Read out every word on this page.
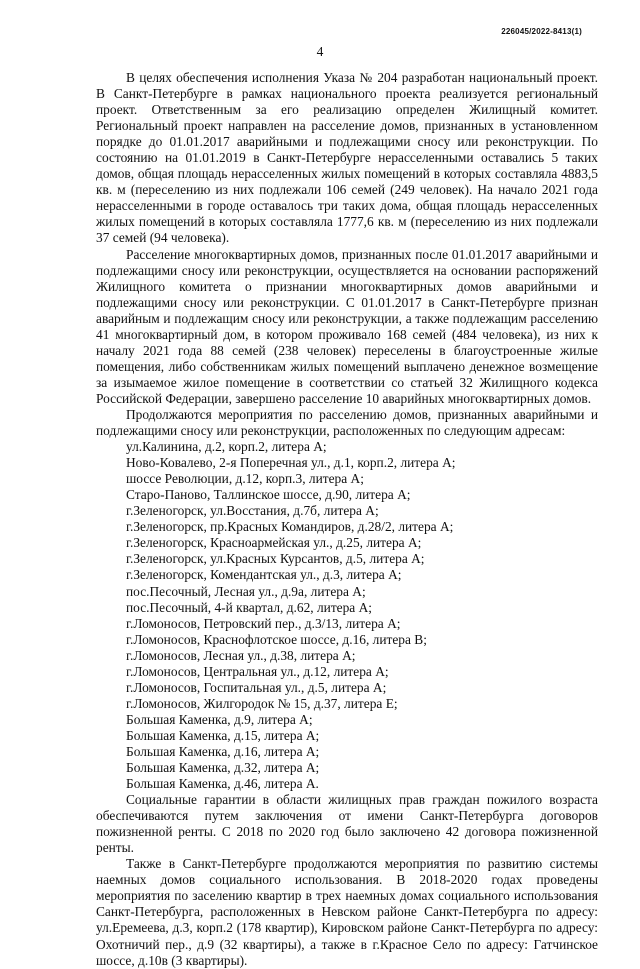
226045/2022-8413(1)
4

В целях обеспечения исполнения Указа № 204 разработан национальный проект. В Санкт-Петербурге в рамках национального проекта реализуется региональный проект. Ответственным за его реализацию определен Жилищный комитет. Региональный проект направлен на расселение домов, признанных в установленном порядке до 01.01.2017 аварийными и подлежащими сносу или реконструкции. По состоянию на 01.01.2019 в Санкт-Петербурге нерасселенными оставались 5 таких домов, общая площадь нерасселенных жилых помещений в которых составляла 4883,5 кв. м (переселению из них подлежали 106 семей (249 человек). На начало 2021 года нерасселенными в городе оставалось три таких дома, общая площадь нерасселенных жилых помещений в которых составляла 1777,6 кв. м (переселению из них подлежали 37 семей (94 человека).

Расселение многоквартирных домов, признанных после 01.01.2017 аварийными и подлежащими сносу или реконструкции, осуществляется на основании распоряжений Жилищного комитета о признании многоквартирных домов аварийными и подлежащими сносу или реконструкции. С 01.01.2017 в Санкт-Петербурге признан аварийным и подлежащим сносу или реконструкции, а также подлежащим расселению 41 многоквартирный дом, в котором проживало 168 семей (484 человека), из них к началу 2021 года 88 семей (238 человек) переселены в благоустроенные жилые помещения, либо собственникам жилых помещений выплачено денежное возмещение за изымаемое жилое помещение в соответствии со статьей 32 Жилищного кодекса Российской Федерации, завершено расселение 10 аварийных многоквартирных домов.

Продолжаются мероприятия по расселению домов, признанных аварийными и подлежащими сносу или реконструкции, расположенных по следующим адресам:

ул.Калинина, д.2, корп.2, литера А;
Ново-Ковалево, 2-я Поперечная ул., д.1, корп.2, литера А;
шоссе Революции, д.12, корп.3, литера А;
Старо-Паново, Таллинское шоссе, д.90, литера А;
г.Зеленогорск, ул.Восстания, д.7б, литера А;
г.Зеленогорск, пр.Красных Командиров, д.28/2, литера А;
г.Зеленогорск, Красноармейская ул., д.25, литера А;
г.Зеленогорск, ул.Красных Курсантов, д.5, литера А;
г.Зеленогорск, Комендантская ул., д.3, литера А;
пос.Песочный, Лесная ул., д.9а, литера А;
пос.Песочный, 4-й квартал, д.62, литера А;
г.Ломоносов, Петровский пер., д.3/13, литера А;
г.Ломоносов, Краснофлотское шоссе, д.16, литера В;
г.Ломоносов, Лесная ул., д.38, литера А;
г.Ломоносов, Центральная ул., д.12, литера А;
г.Ломоносов, Госпитальная ул., д.5, литера А;
г.Ломоносов, Жилгородок № 15, д.37, литера Е;
Большая Каменка, д.9, литера А;
Большая Каменка, д.15, литера А;
Большая Каменка, д.16, литера А;
Большая Каменка, д.32, литера А;
Большая Каменка, д.46, литера А.

Социальные гарантии в области жилищных прав граждан пожилого возраста обеспечиваются путем заключения от имени Санкт-Петербурга договоров пожизненной ренты. С 2018 по 2020 год было заключено 42 договора пожизненной ренты.

Также в Санкт-Петербурге продолжаются мероприятия по развитию системы наемных домов социального использования. В 2018-2020 годах проведены мероприятия по заселению квартир в трех наемных домах социального использования Санкт-Петербурга, расположенных в Невском районе Санкт-Петербурга по адресу: ул.Еремеева, д.3, корп.2 (178 квартир), Кировском районе Санкт-Петербурга по адресу: Охотничий пер., д.9 (32 квартиры), а также в г.Красное Село по адресу: Гатчинское шоссе, д.10в (3 квартиры).
